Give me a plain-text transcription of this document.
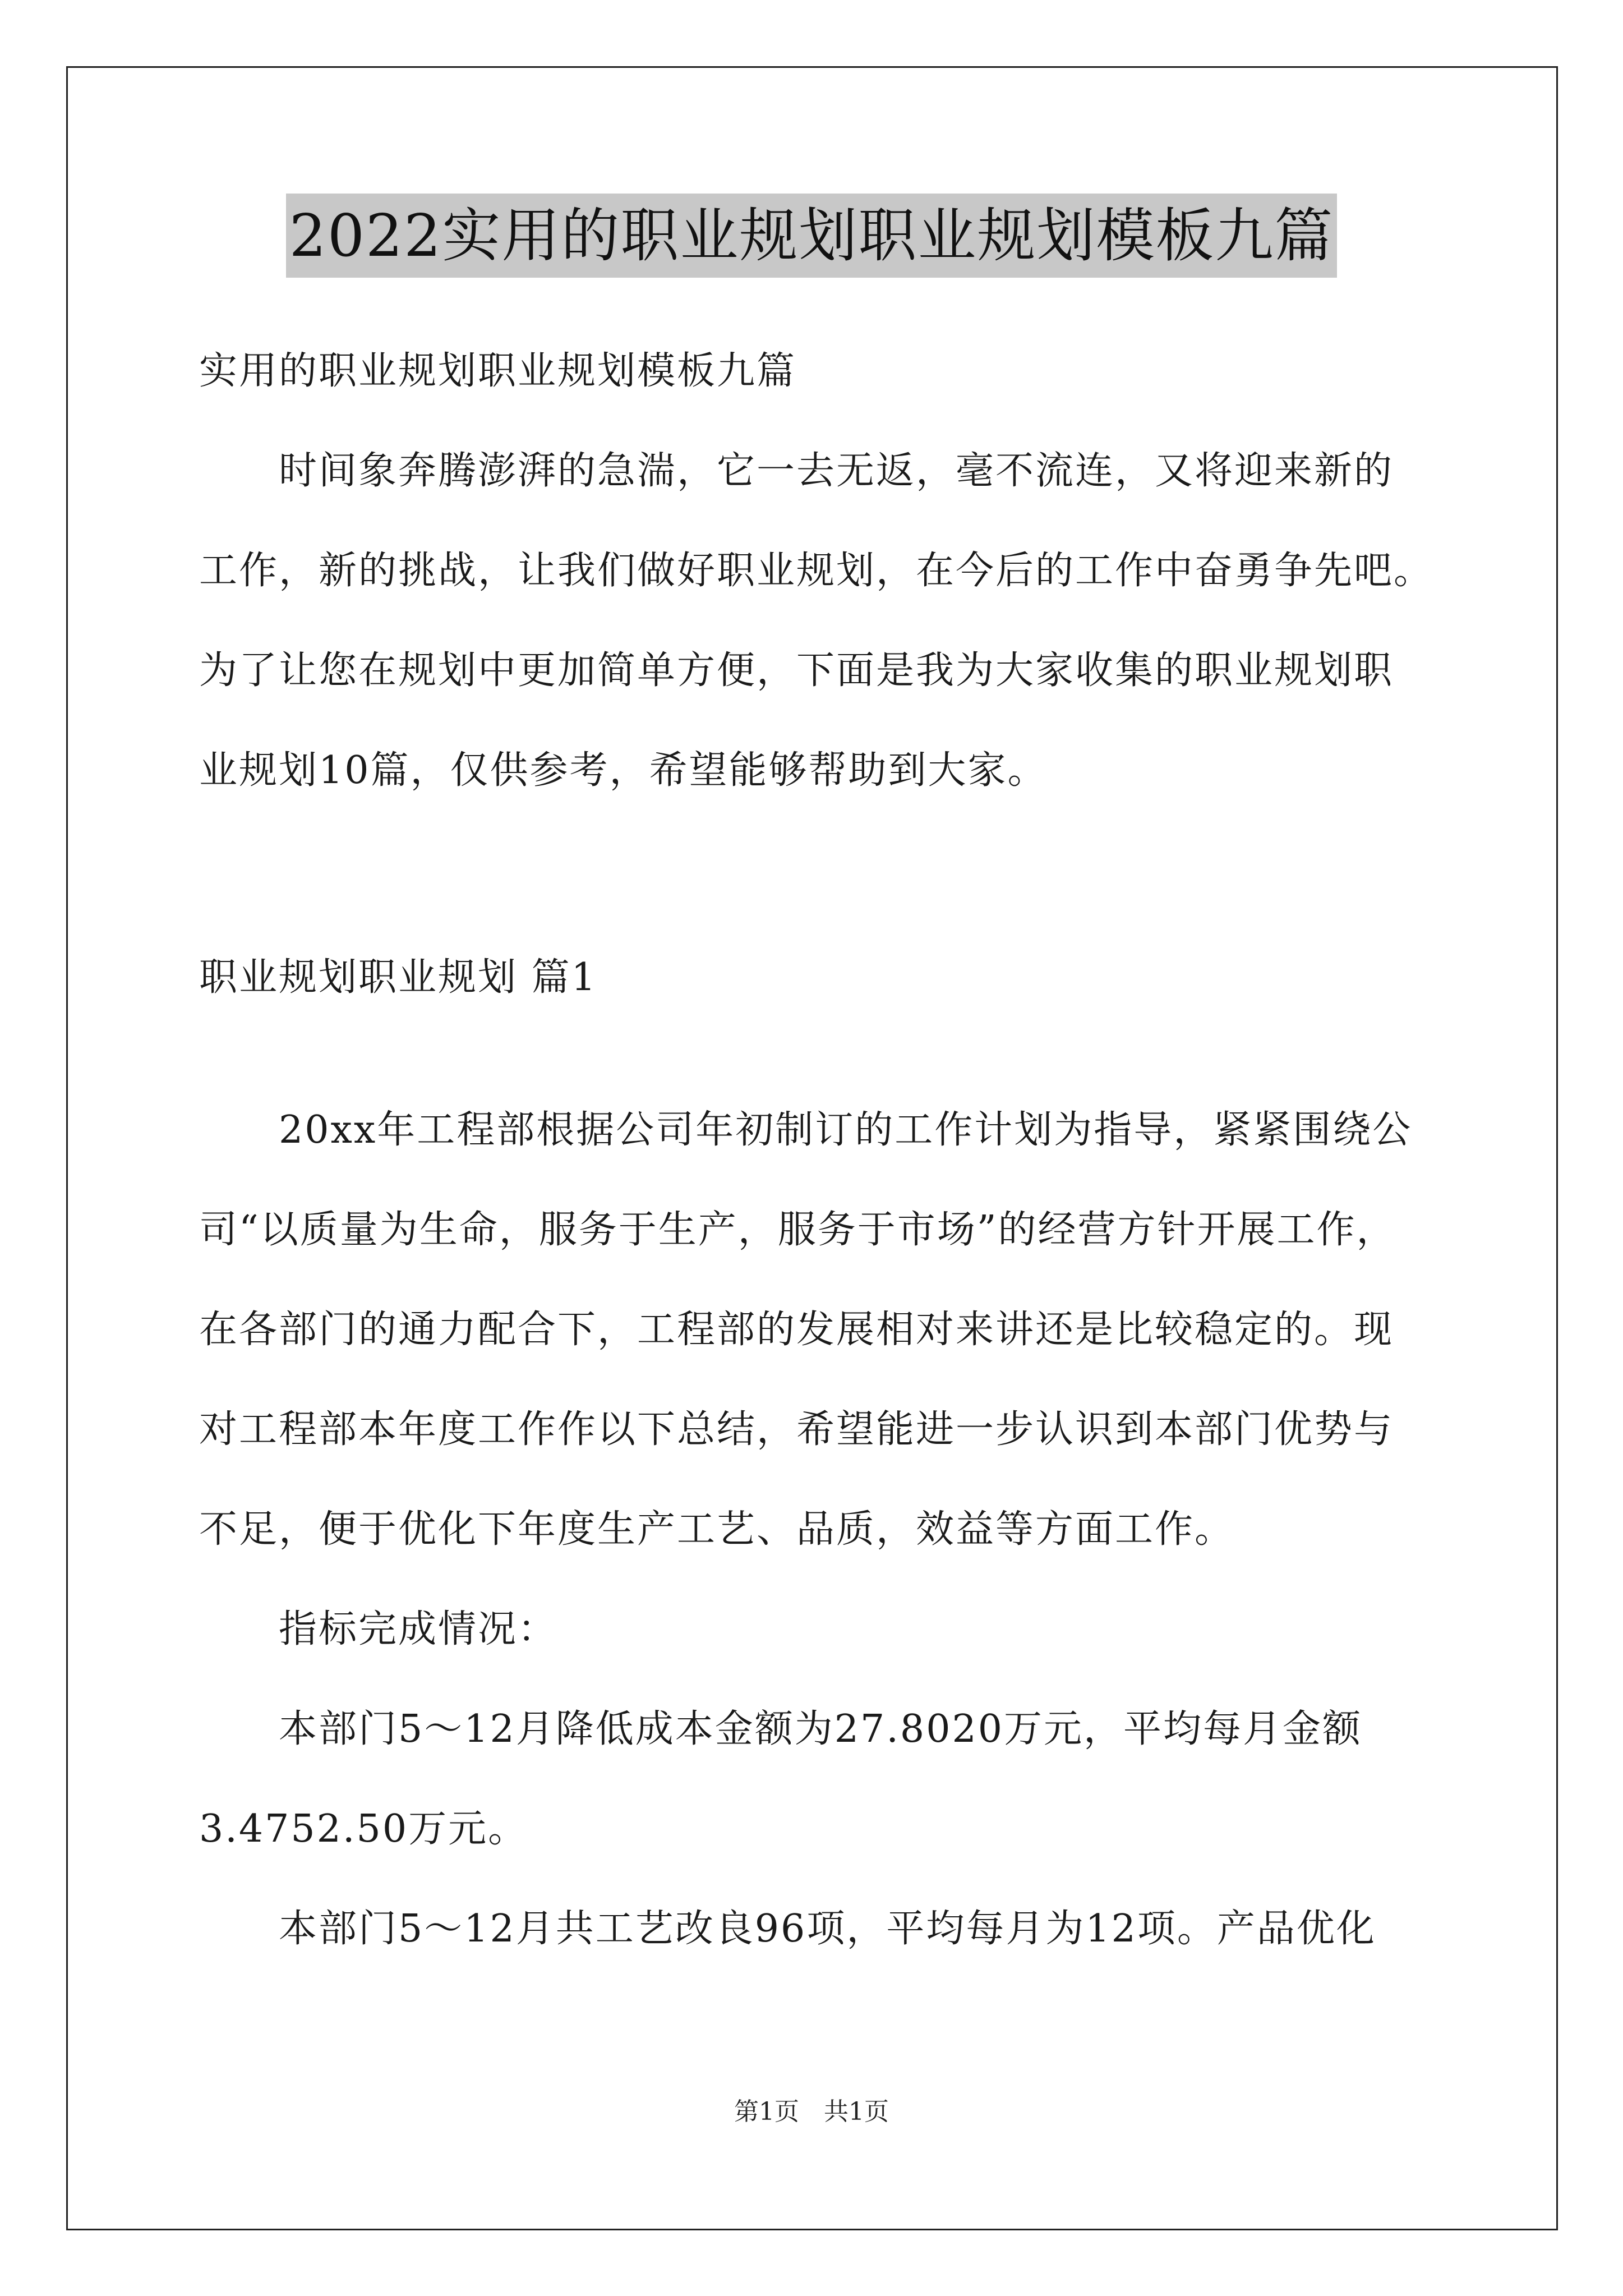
2022实用的职业规划职业规划模板九篇
实用的职业规划职业规划模板九篇
　　时间象奔腾澎湃的急湍，它一去无返，毫不流连，又将迎来新的
工作，新的挑战，让我们做好职业规划，在今后的工作中奋勇争先吧。
为了让您在规划中更加简单方便，下面是我为大家收集的职业规划职
业规划10篇，仅供参考，希望能够帮助到大家。
职业规划职业规划 篇1
　　20xx年工程部根据公司年初制订的工作计划为指导，紧紧围绕公
司“以质量为生命，服务于生产，服务于市场”的经营方针开展工作，
在各部门的通力配合下，工程部的发展相对来讲还是比较稳定的。现
对工程部本年度工作作以下总结，希望能进一步认识到本部门优势与
不足，便于优化下年度生产工艺、品质，效益等方面工作。
　　指标完成情况：
　　本部门5～12月降低成本金额为27.8020万元，平均每月金额
3.4752.50万元。
　　本部门5～12月共工艺改良96项，平均每月为12项。产品优化
第1页　共1页
